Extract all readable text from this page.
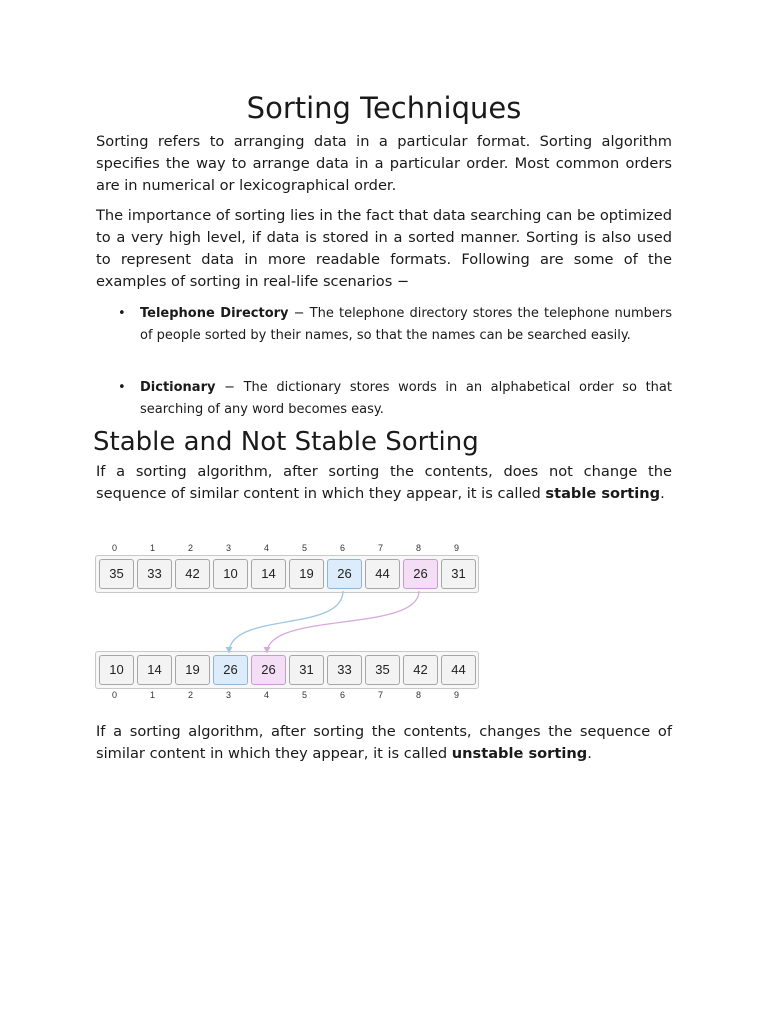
Sorting Techniques

Sorting refers to arranging data in a particular format. Sorting algorithm specifies the way to arrange data in a particular order. Most common orders are in numerical or lexicographical order.

The importance of sorting lies in the fact that data searching can be optimized to a very high level, if data is stored in a sorted manner. Sorting is also used to represent data in more readable formats. Following are some of the examples of sorting in real-life scenarios −

• Telephone Directory − The telephone directory stores the telephone numbers of people sorted by their names, so that the names can be searched easily.
• Dictionary − The dictionary stores words in an alphabetical order so that searching of any word becomes easy.
Stable and Not Stable Sorting

If a sorting algorithm, after sorting the contents, does not change the sequence of similar content in which they appear, it is called stable sorting.

If a sorting algorithm, after sorting the contents, changes the sequence of similar content in which they appear, it is called unstable sorting.

35	33	42	10	14	19	26	44	26	31
0	1	2	3	4	5	6	7	8	9
10	14	19	26	26	31	33	35	42	44
0	1	2	3	4	5	6	7	8	9
